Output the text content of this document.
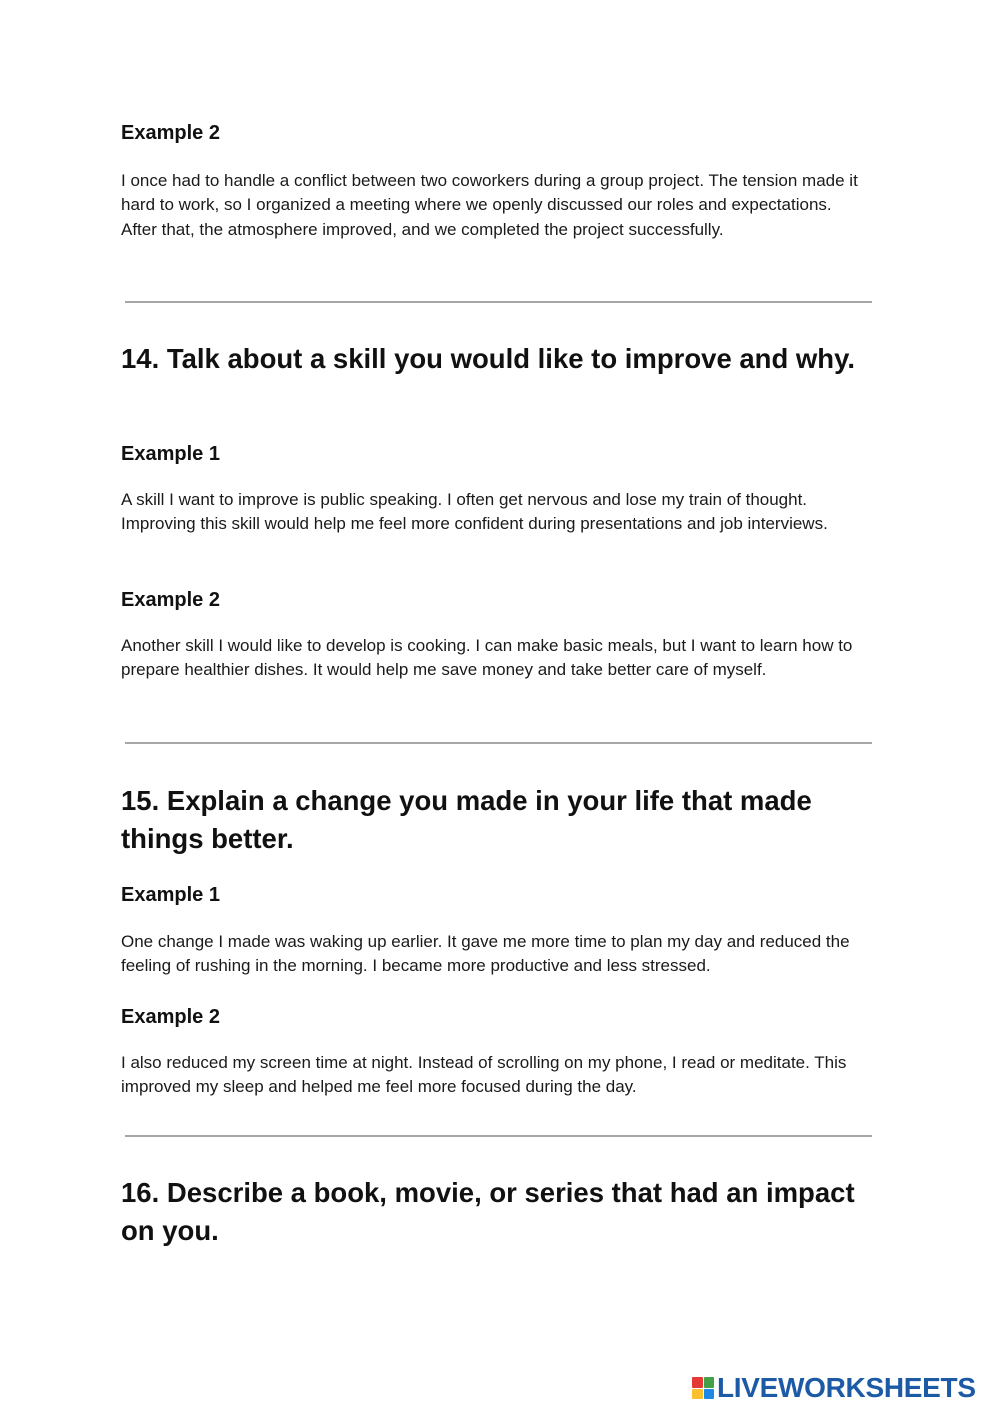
Example 2

I once had to handle a conflict between two coworkers during a group project. The tension made it hard to work, so I organized a meeting where we openly discussed our roles and expectations. After that, the atmosphere improved, and we completed the project successfully.

14. Talk about a skill you would like to improve and why.
Example 1

A skill I want to improve is public speaking. I often get nervous and lose my train of thought. Improving this skill would help me feel more confident during presentations and job interviews.

Example 2

Another skill I would like to develop is cooking. I can make basic meals, but I want to learn how to prepare healthier dishes. It would help me save money and take better care of myself.

15. Explain a change you made in your life that made things better.
Example 1

One change I made was waking up earlier. It gave me more time to plan my day and reduced the feeling of rushing in the morning. I became more productive and less stressed.

Example 2

I also reduced my screen time at night. Instead of scrolling on my phone, I read or meditate. This improved my sleep and helped me feel more focused during the day.

16. Describe a book, movie, or series that had an impact on you.
LIVEWORKSHEETS
